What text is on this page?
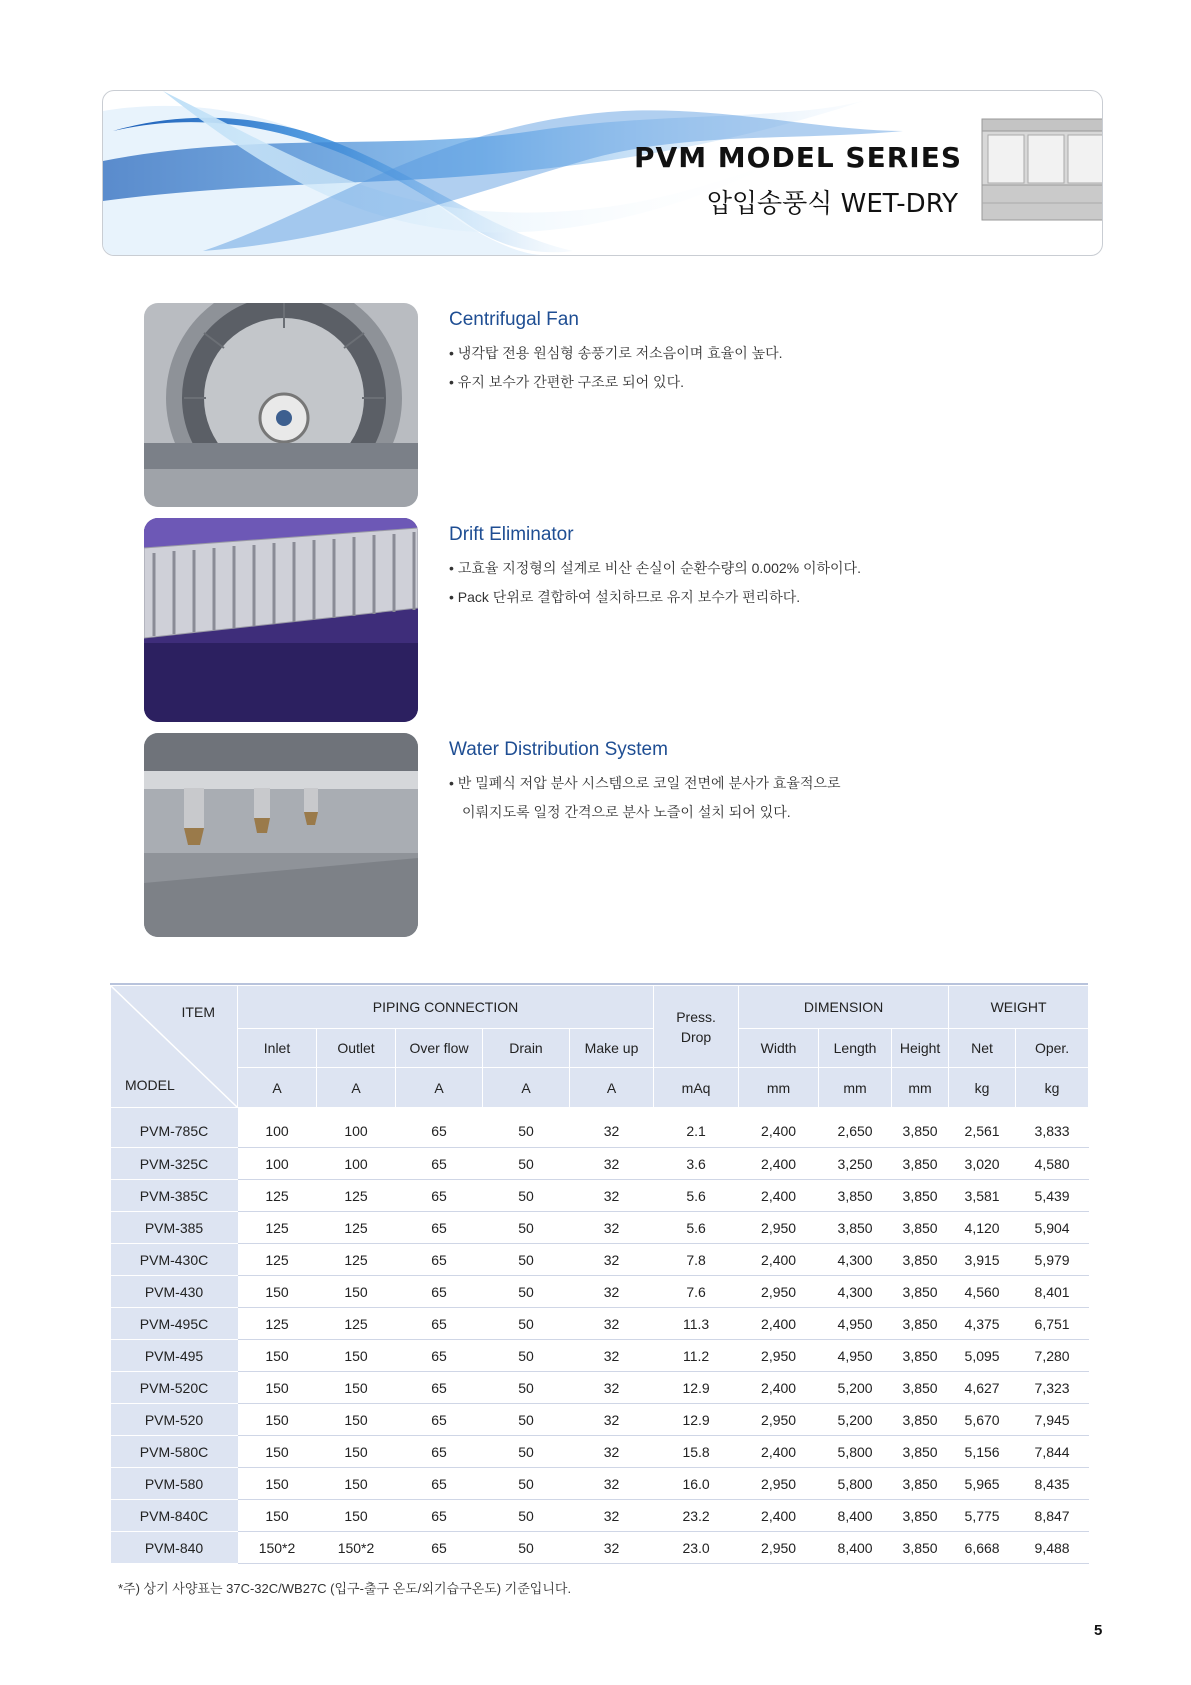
PVM MODEL SERIES
압입송풍식 WET-DRY
Centrifugal Fan
• 냉각탑 전용 원심형 송풍기로 저소음이며 효율이 높다.
• 유지 보수가 간편한 구조로 되어 있다.
Drift Eliminator
• 고효율 지정형의 설계로 비산 손실이 순환수량의 0.002% 이하이다.
• Pack 단위로 결합하여 설치하므로 유지 보수가 편리하다.
Water Distribution System
• 반 밀폐식 저압 분사 시스템으로 코일 전면에 분사가 효율적으로
이뤄지도록 일정 간격으로 분사 노즐이 설치 되어 있다.
ITEM
MODEL	PIPING CONNECTION					Press. Drop	DIMENSION			WEIGHT	
	Inlet	Outlet	Over flow	Drain	Make up		Width	Length	Height	Net	Oper.
	A	A	A	A	A	mAq	mm	mm	mm	kg	kg
PVM-785C	100	100	65	50	32	2.1	2,400	2,650	3,850	2,561	3,833
PVM-325C	100	100	65	50	32	3.6	2,400	3,250	3,850	3,020	4,580
PVM-385C	125	125	65	50	32	5.6	2,400	3,850	3,850	3,581	5,439
PVM-385	125	125	65	50	32	5.6	2,950	3,850	3,850	4,120	5,904
PVM-430C	125	125	65	50	32	7.8	2,400	4,300	3,850	3,915	5,979
PVM-430	150	150	65	50	32	7.6	2,950	4,300	3,850	4,560	8,401
PVM-495C	125	125	65	50	32	11.3	2,400	4,950	3,850	4,375	6,751
PVM-495	150	150	65	50	32	11.2	2,950	4,950	3,850	5,095	7,280
PVM-520C	150	150	65	50	32	12.9	2,400	5,200	3,850	4,627	7,323
PVM-520	150	150	65	50	32	12.9	2,950	5,200	3,850	5,670	7,945
PVM-580C	150	150	65	50	32	15.8	2,400	5,800	3,850	5,156	7,844
PVM-580	150	150	65	50	32	16.0	2,950	5,800	3,850	5,965	8,435
PVM-840C	150	150	65	50	32	23.2	2,400	8,400	3,850	5,775	8,847
PVM-840	150*2	150*2	65	50	32	23.0	2,950	8,400	3,850	6,668	9,488
*주) 상기 사양표는 37C-32C/WB27C (입구-출구 온도/외기습구온도) 기준입니다.
5
